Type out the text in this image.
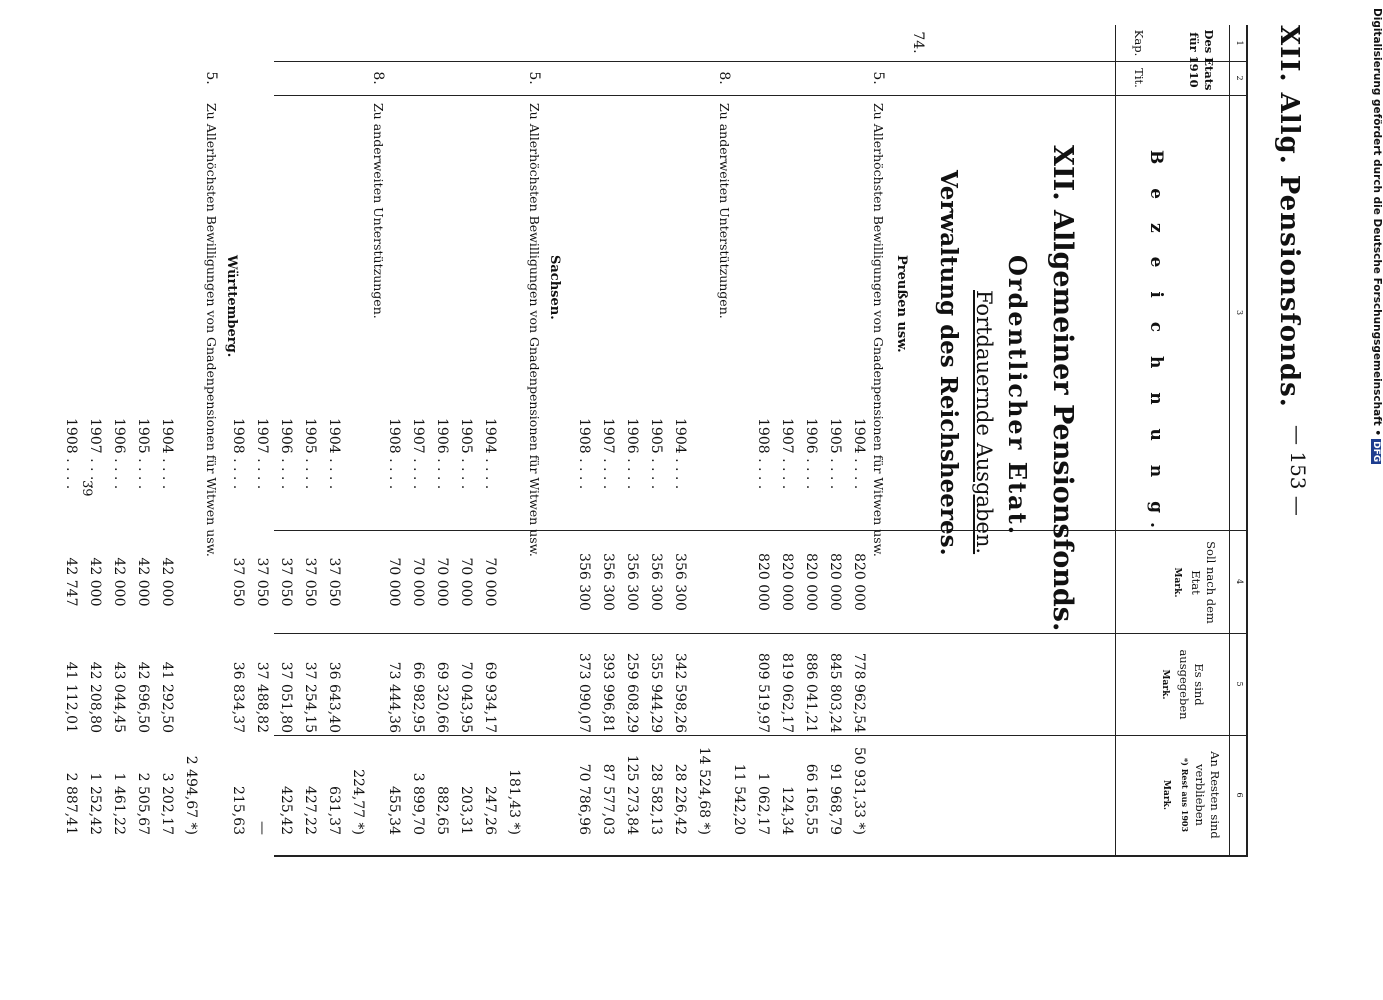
XII. Allg. Pensionsfonds.
— 153 —
1
2
3
4
5
6
Des Etats für 1910
Kap.
Tit.
B e z e i c h n u n g.
Soll nach dem Etat
Mark.
Es sind ausgegeben
Mark.
An Resten sind verblieben
*) Rest aus 1903
Mark.
XII. Allgemeiner Pensionsfonds.
Ordentlicher Etat.
Fortdauernde Ausgaben.
Verwaltung des Reichsheeres.
74.
Preußen usw.
Sachsen.
Württemberg.
5.
Zu Allerhöchsten Bewilligungen von Gnadenpensionen für Witwen usw.
1904 . . . .
820 000
778 962,54
50 931,33 *)
1905 . . . .
820 000
845 803,24
91 968,79
1906 . . . .
820 000
886 041,21
66 165,55
1907 . . . .
820 000
819 062,17
124,34
1908 . . . .
820 000
809 519,97
1 062,17
11 542,20
8.
Zu anderweiten Unterstützungen.
14 524,68 *)
1904 . . . .
356 300
342 598,26
28 226,42
1905 . . . .
356 300
355 944,29
28 582,13
1906 . . . .
356 300
259 608,29
125 273,84
1907 . . . .
356 300
393 996,81
87 577,03
1908 . . . .
356 300
373 090,07
70 786,96
5.
Zu Allerhöchsten Bewilligungen von Gnadenpensionen für Witwen usw.
181,43 *)
1904 . . . .
70 000
69 934,17
247,26
1905 . . . .
70 000
70 043,95
203,31
1906 . . . .
70 000
69 320,66
882,65
1907 . . . .
70 000
66 982,95
3 899,70
1908 . . . .
70 000
73 444,36
455,34
8.
Zu anderweiten Unterstützungen.
224,77 *)
1904 . . . .
37 050
36 643,40
631,37
1905 . . . .
37 050
37 254,15
427,22
1906 . . . .
37 050
37 051,80
425,42
1907 . . . .
37 050
37 488,82
—
1908 . . . .
37 050
36 834,37
215,63
5.
Zu Allerhöchsten Bewilligungen von Gnadenpensionen für Witwen usw.
2 494,67 *)
1904 . . . .
42 000
41 292,50
3 202,17
1905 . . . .
42 000
42 696,50
2 505,67
1906 . . . .
42 000
43 044,45
1 461,22
1907 . . . .
42 000
42 208,80
1 252,42
1908 . . . .
42 747
41 112,01
2 887,41
39
Digitalisierung gefördert durch die Deutsche Forschungsgemeinschaft •DFG
